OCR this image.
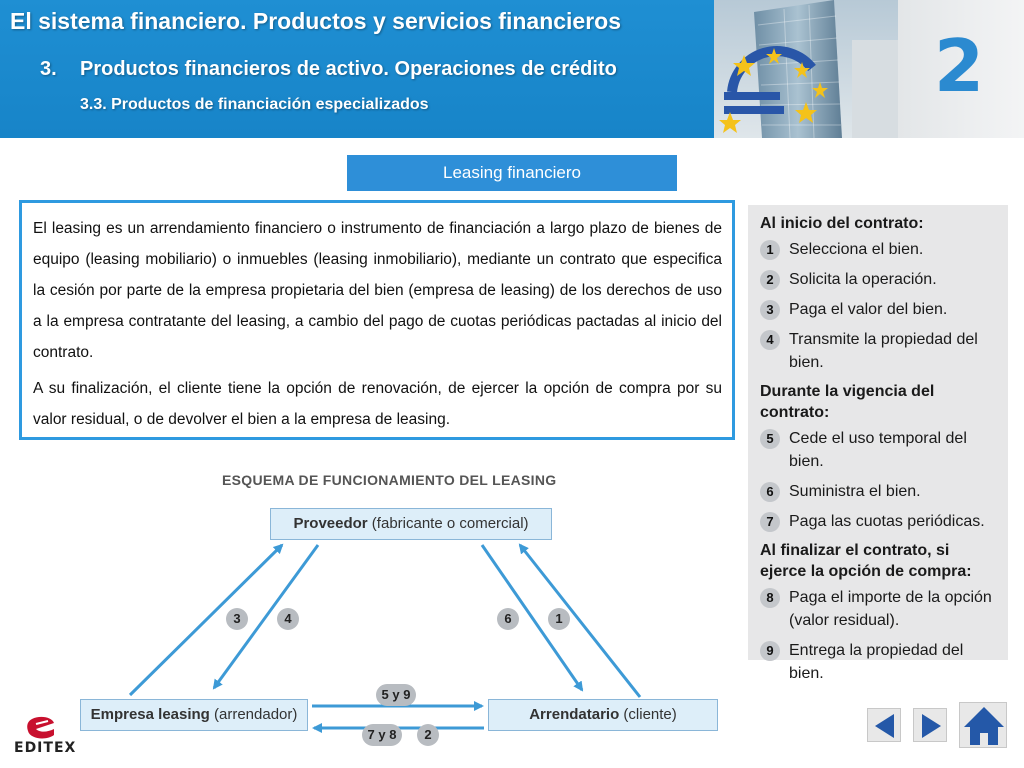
El sistema financiero. Productos y servicios financieros
3. Productos financieros de activo. Operaciones de crédito
3.3. Productos de financiación especializados	2
Leasing financiero

El leasing es un arrendamiento financiero o instrumento de financiación a largo plazo de bienes de equipo (leasing mobiliario) o inmuebles (leasing inmobiliario), mediante un contrato que especifica la cesión por parte de la empresa propietaria del bien (empresa de leasing) de los derechos de uso a la empresa contratante del leasing, a cambio del pago de cuotas periódicas pactadas al inicio del contrato.

A su finalización, el cliente tiene la opción de renovación, de ejercer la opción de compra por su valor residual, o de devolver el bien a la empresa de leasing.

Al inicio del contrato:
1 Selecciona el bien.
2 Solicita la operación.
3 Paga el valor del bien.
4 Transmite la propiedad del bien.
Durante la vigencia del contrato:
5 Cede el uso temporal del bien.
6 Suministra el bien.
7 Paga las cuotas periódicas.
Al finalizar el contrato, si ejerce la opción de compra:
8 Paga el importe de la opción (valor residual).
9 Entrega la propiedad del bien.
ESQUEMA DE FUNCIONAMIENTO DEL LEASING
Proveedor (fabricante o comercial)
Empresa leasing (arrendador)	Arrendatario (cliente)
3	4	6	1
5 y 9
7 y 8	2
EDITEX
